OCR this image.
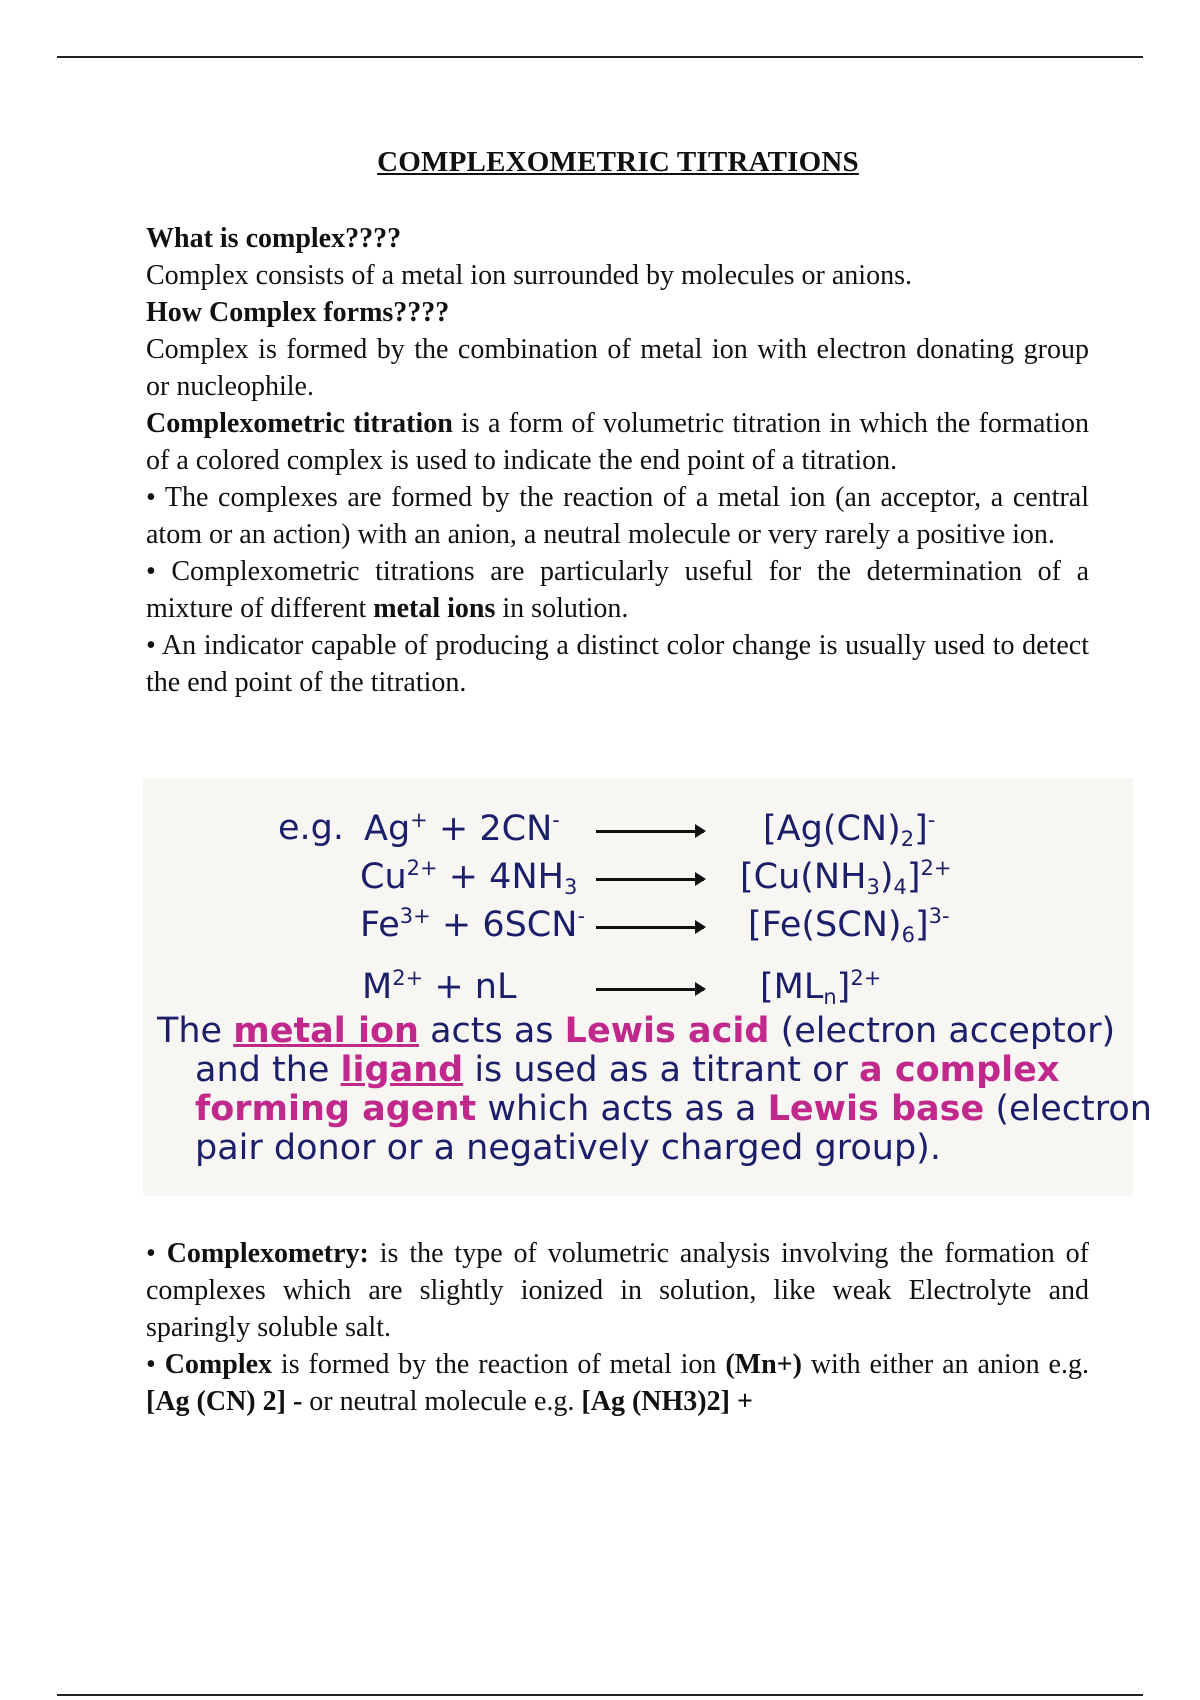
COMPLEXOMETRIC TITRATIONS

What is complex????

Complex consists of a metal ion surrounded by molecules or anions.

How Complex forms????

Complex is formed by the combination of metal ion with electron donating group or nucleophile.

Complexometric titration is a form of volumetric titration in which the formation of a colored complex is used to indicate the end point of a titration.

• The complexes are formed by the reaction of a metal ion (an acceptor, a central atom or an action) with an anion, a neutral molecule or very rarely a positive ion.

• Complexometric titrations are particularly useful for the determination of a mixture of different metal ions in solution.

• An indicator capable of producing a distinct color change is usually used to detect the end point of the titration.

e.g. Ag+ + 2CN-	$[Ag(CN)_2]^-$
$Cu^{2+} + 4NH_3$	$[Cu(NH_3)_4]^{2+}$
$Fe^{3+} + 6SCN^-$	$[Fe(SCN)_6]^{3-}$
$M^{2+}$ + nL	$[ML_n]^{2+}$
The metal ion acts as Lewis acid (electron acceptor)
and the ligand is used as a titrant or a complex
forming agent which acts as a Lewis base (electron
pair donor or a negatively charged group).

• Complexometry: is the type of volumetric analysis involving the formation of complexes which are slightly ionized in solution, like weak Electrolyte and sparingly soluble salt.

• Complex is formed by the reaction of metal ion (Mn+) with either an anion e.g. [Ag (CN) 2] - or neutral molecule e.g. [Ag (NH3)2] +
